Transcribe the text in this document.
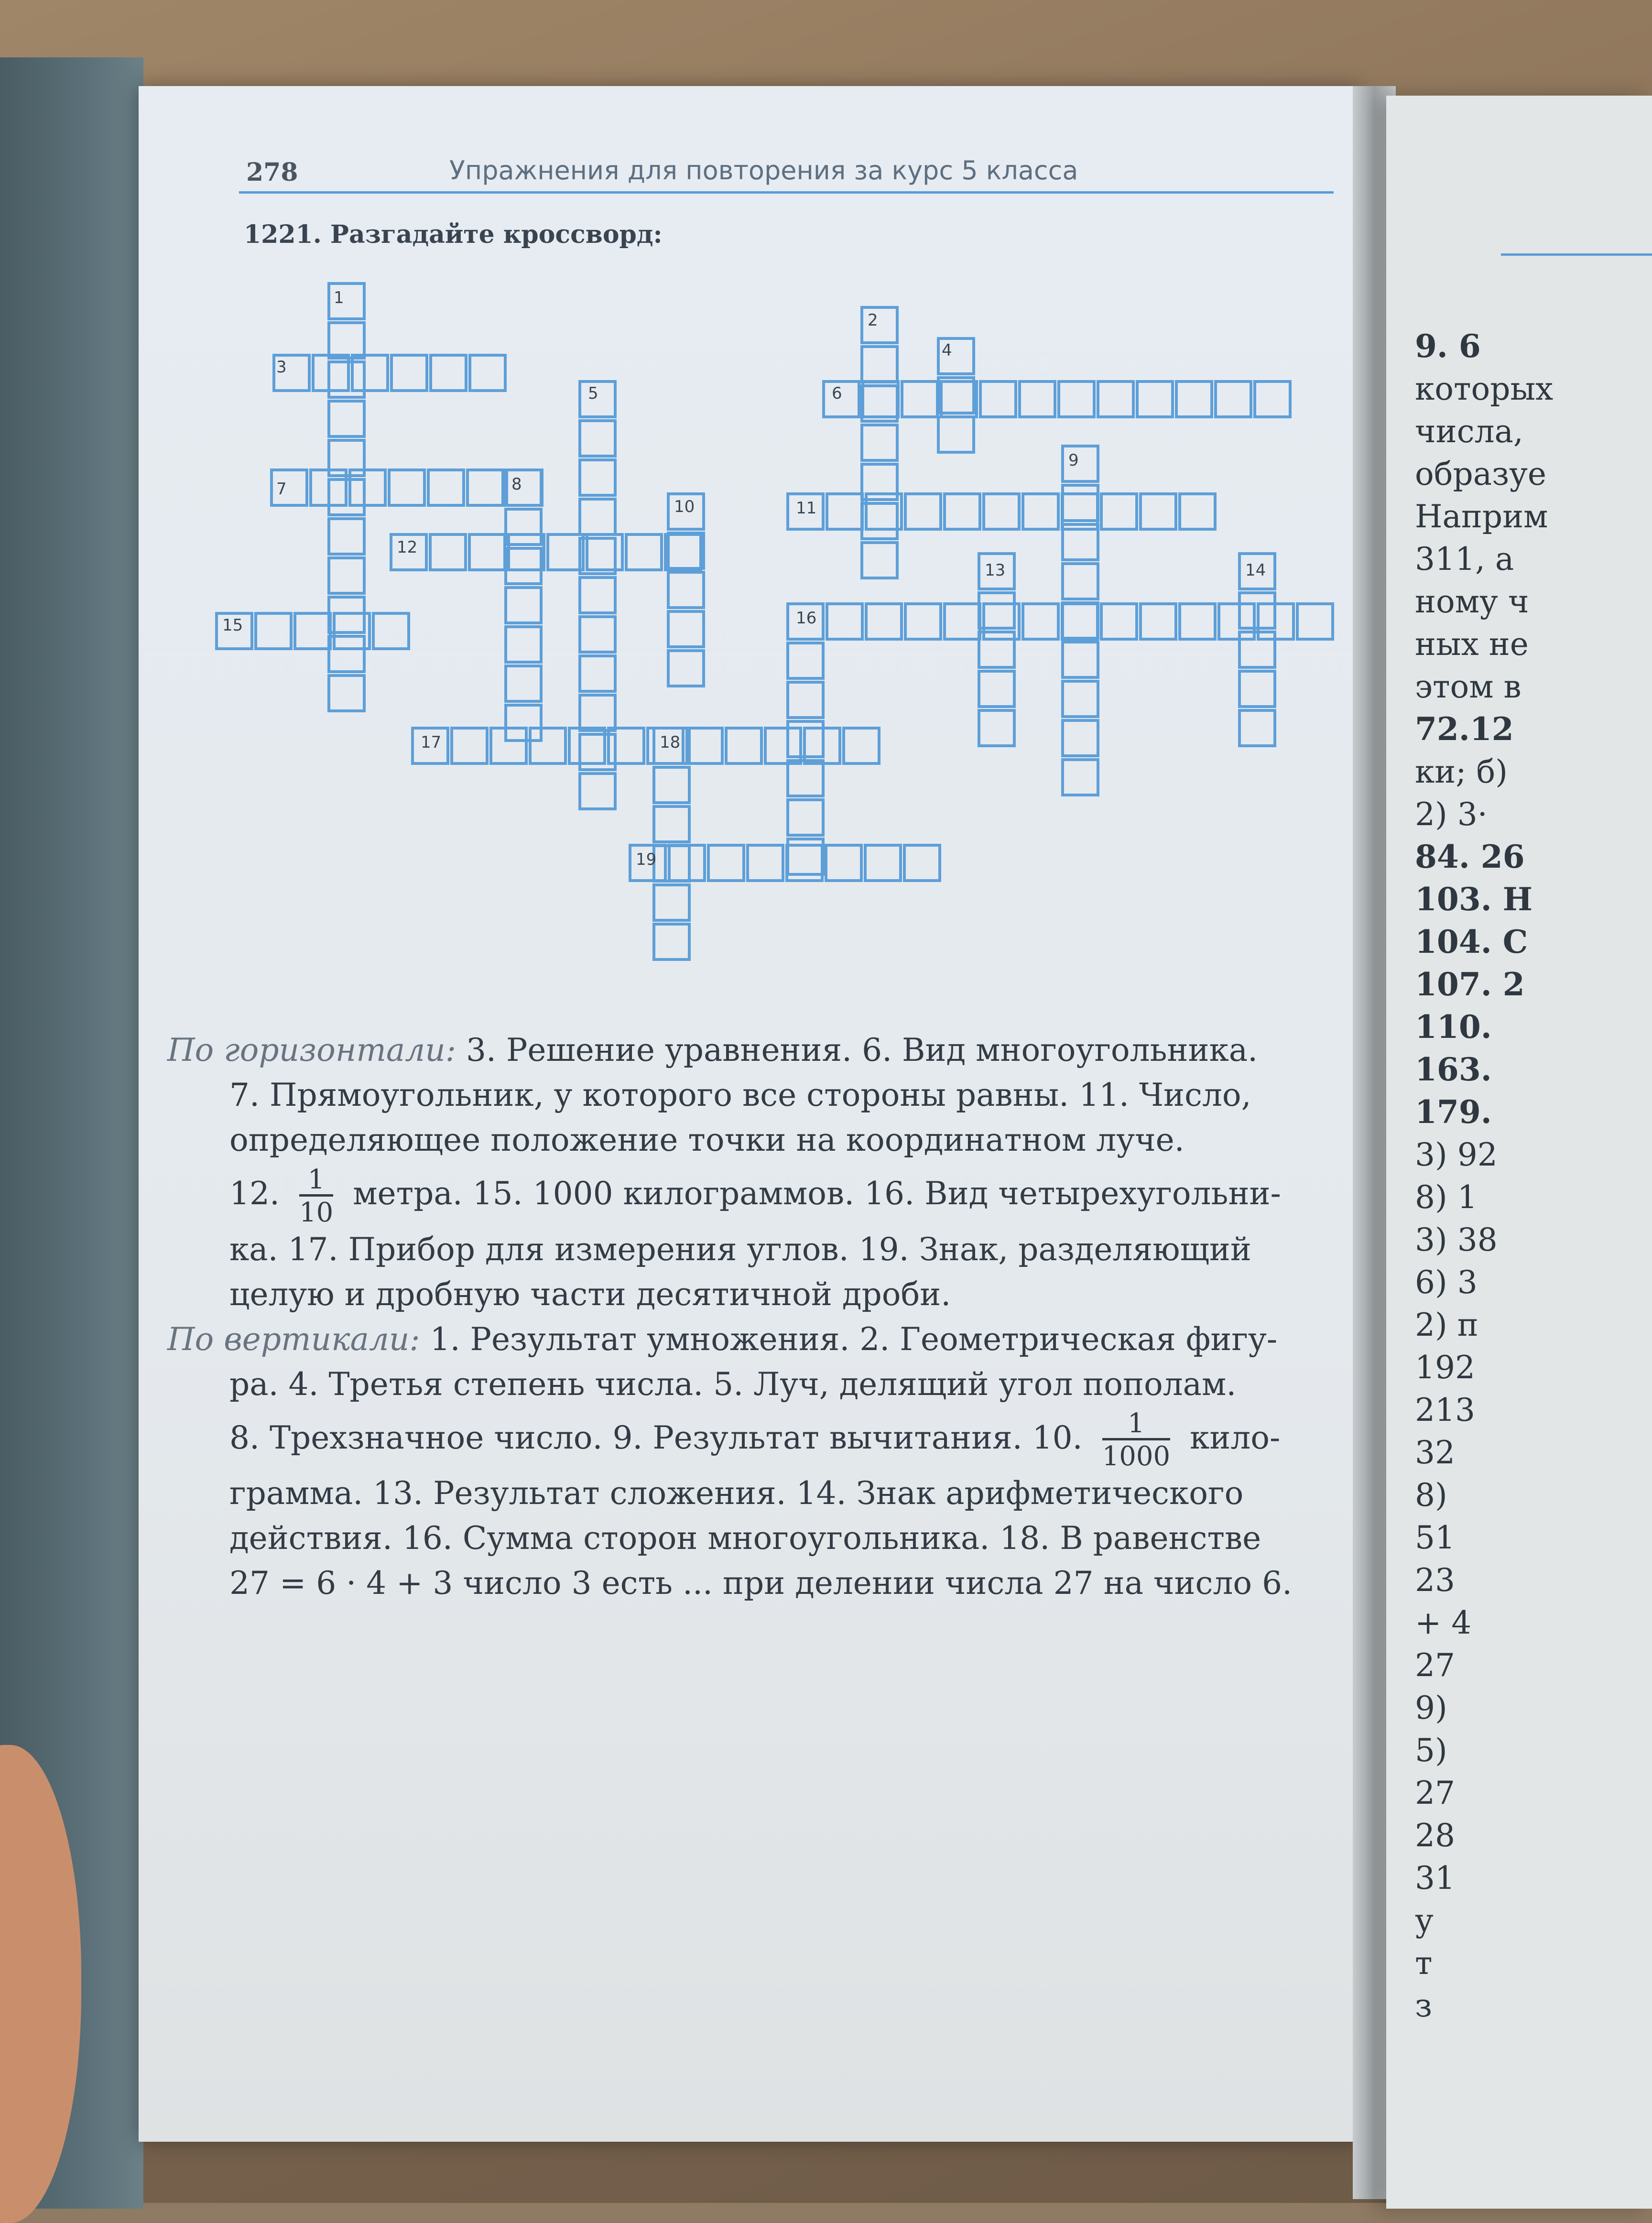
278	Упражнения для повторения за курс 5 класса
1221. Разгадайте кроссворд:
1
2
3
4
5	6
7	8
9
10	11
12
13	14
15	16
17	18
19
По горизонтали: 3. Решение уравнения. 6. Вид многоугольника.
7. Прямоугольник, у которого все стороны равны. 11. Число,
определяющее положение точки на координатном луче.
12. $\frac{1}{10}$ метра. 15. 1000 килограммов. 16. Вид четырехугольни-
ка. 17. Прибор для измерения углов. 19. Знак, разделяющий
целую и дробную части десятичной дроби.
По вертикали: 1. Результат умножения. 2. Геометрическая фигу-
ра. 4. Третья степень числа. 5. Луч, делящий угол пополам.
8. Трехзначное число. 9. Результат вычитания. 10. $\frac{1}{1000}$ кило-
грамма. 13. Результат сложения. 14. Знак арифметического
действия. 16. Сумма сторон многоугольника. 18. В равенстве
27 = 6 · 4 + 3 число 3 есть ... при делении числа 27 на число 6.
9. 6
которых
числа,
образуе
Наприм
311, а
ному ч
ных не
этом в
72.12
ки; б)
2) 3·
84. 26
103. Н
104. С
107. 2
110.
163.
179.
3) 92
8) 1
3) 38
6) 3
2) п
192
213
32
8)
51
23
+ 4
27
9)
5)
27
28
31
у
т
з
